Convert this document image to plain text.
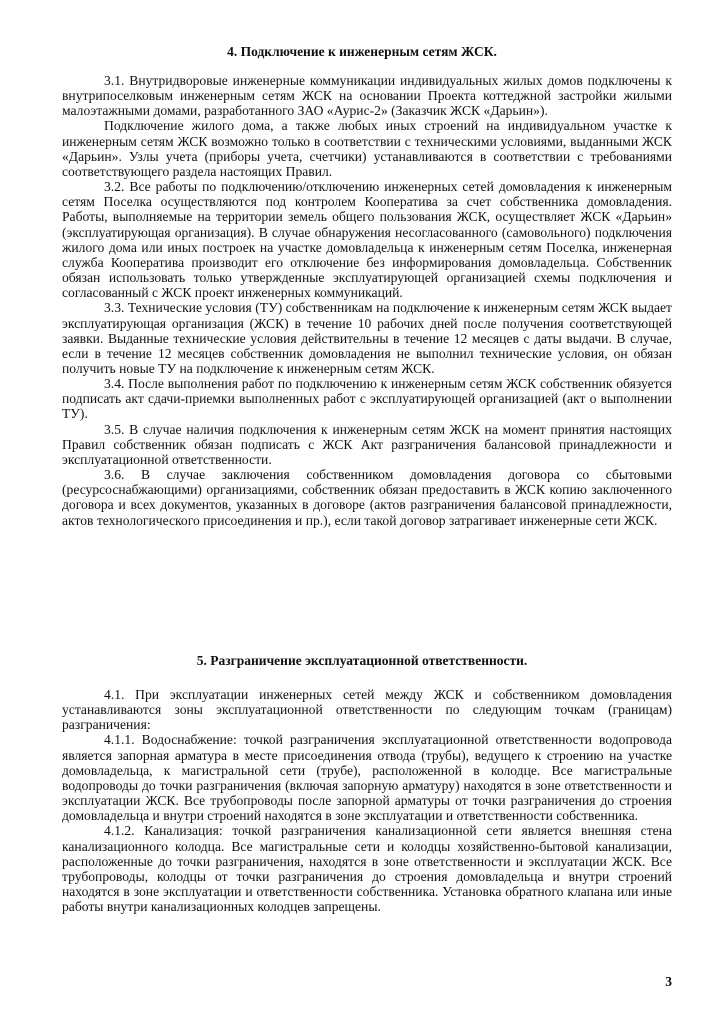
4. Подключение к инженерным сетям ЖСК.

3.1. Внутридворовые инженерные коммуникации индивидуальных жилых домов подключены к внутрипоселковым инженерным сетям ЖСК на основании Проекта коттеджной застройки жилыми малоэтажными домами, разработанного ЗАО «Аурис-2» (Заказчик ЖСК «Дарьин»).

Подключение жилого дома, а также любых иных строений на индивидуальном участке к инженерным сетям ЖСК возможно только в соответствии с техническими условиями, выданными ЖСК «Дарьин». Узлы учета (приборы учета, счетчики) устанавливаются в соответствии с требованиями соответствующего раздела настоящих Правил.

3.2. Все работы по подключению/отключению инженерных сетей домовладения к инженерным сетям Поселка осуществляются под контролем Кооператива за счет собственника домовладения. Работы, выполняемые на территории земель общего пользования ЖСК, осуществляет ЖСК «Дарьин» (эксплуатирующая организация). В случае обнаружения несогласованного (самовольного) подключения жилого дома или иных построек на участке домовладельца к инженерным сетям Поселка, инженерная служба Кооператива производит его отключение без информирования домовладельца. Собственник обязан использовать только утвержденные эксплуатирующей организацией схемы подключения и согласованный с ЖСК проект инженерных коммуникаций.

3.3. Технические условия (ТУ) собственникам на подключение к инженерным сетям ЖСК выдает эксплуатирующая организация (ЖСК) в течение 10 рабочих дней после получения соответствующей заявки. Выданные технические условия действительны в течение 12 месяцев с даты выдачи. В случае, если в течение 12 месяцев собственник домовладения не выполнил технические условия, он обязан получить новые ТУ на подключение к инженерным сетям ЖСК.

3.4. После выполнения работ по подключению к инженерным сетям ЖСК собственник обязуется подписать акт сдачи-приемки выполненных работ с эксплуатирующей организацией (акт о выполнении ТУ).

3.5. В случае наличия подключения к инженерным сетям ЖСК на момент принятия настоящих Правил собственник обязан подписать с ЖСК Акт разграничения балансовой принадлежности и эксплуатационной ответственности.

3.6. В случае заключения собственником домовладения договора со сбытовыми (ресурсоснабжающими) организациями, собственник обязан предоставить в ЖСК копию заключенного договора и всех документов, указанных в договоре (актов разграничения балансовой принадлежности, актов технологического присоединения и пр.), если такой договор затрагивает инженерные сети ЖСК.

5. Разграничение эксплуатационной ответственности.

4.1. При эксплуатации инженерных сетей между ЖСК и собственником домовладения устанавливаются зоны эксплуатационной ответственности по следующим точкам (границам) разграничения:

4.1.1. Водоснабжение: точкой разграничения эксплуатационной ответственности водопровода является запорная арматура в месте присоединения отвода (трубы), ведущего к строению на участке домовладельца, к магистральной сети (трубе), расположенной в колодце. Все магистральные водопроводы до точки разграничения (включая запорную арматуру) находятся в зоне ответственности и эксплуатации ЖСК. Все трубопроводы после запорной арматуры от точки разграничения до строения домовладельца и внутри строений находятся в зоне эксплуатации и ответственности собственника.

4.1.2. Канализация: точкой разграничения канализационной сети является внешняя стена канализационного колодца. Все магистральные сети и колодцы хозяйственно-бытовой канализации, расположенные до точки разграничения, находятся в зоне ответственности и эксплуатации ЖСК. Все трубопроводы, колодцы от точки разграничения до строения домовладельца и внутри строений находятся в зоне эксплуатации и ответственности собственника. Установка обратного клапана или иные работы внутри канализационных колодцев запрещены.

3
